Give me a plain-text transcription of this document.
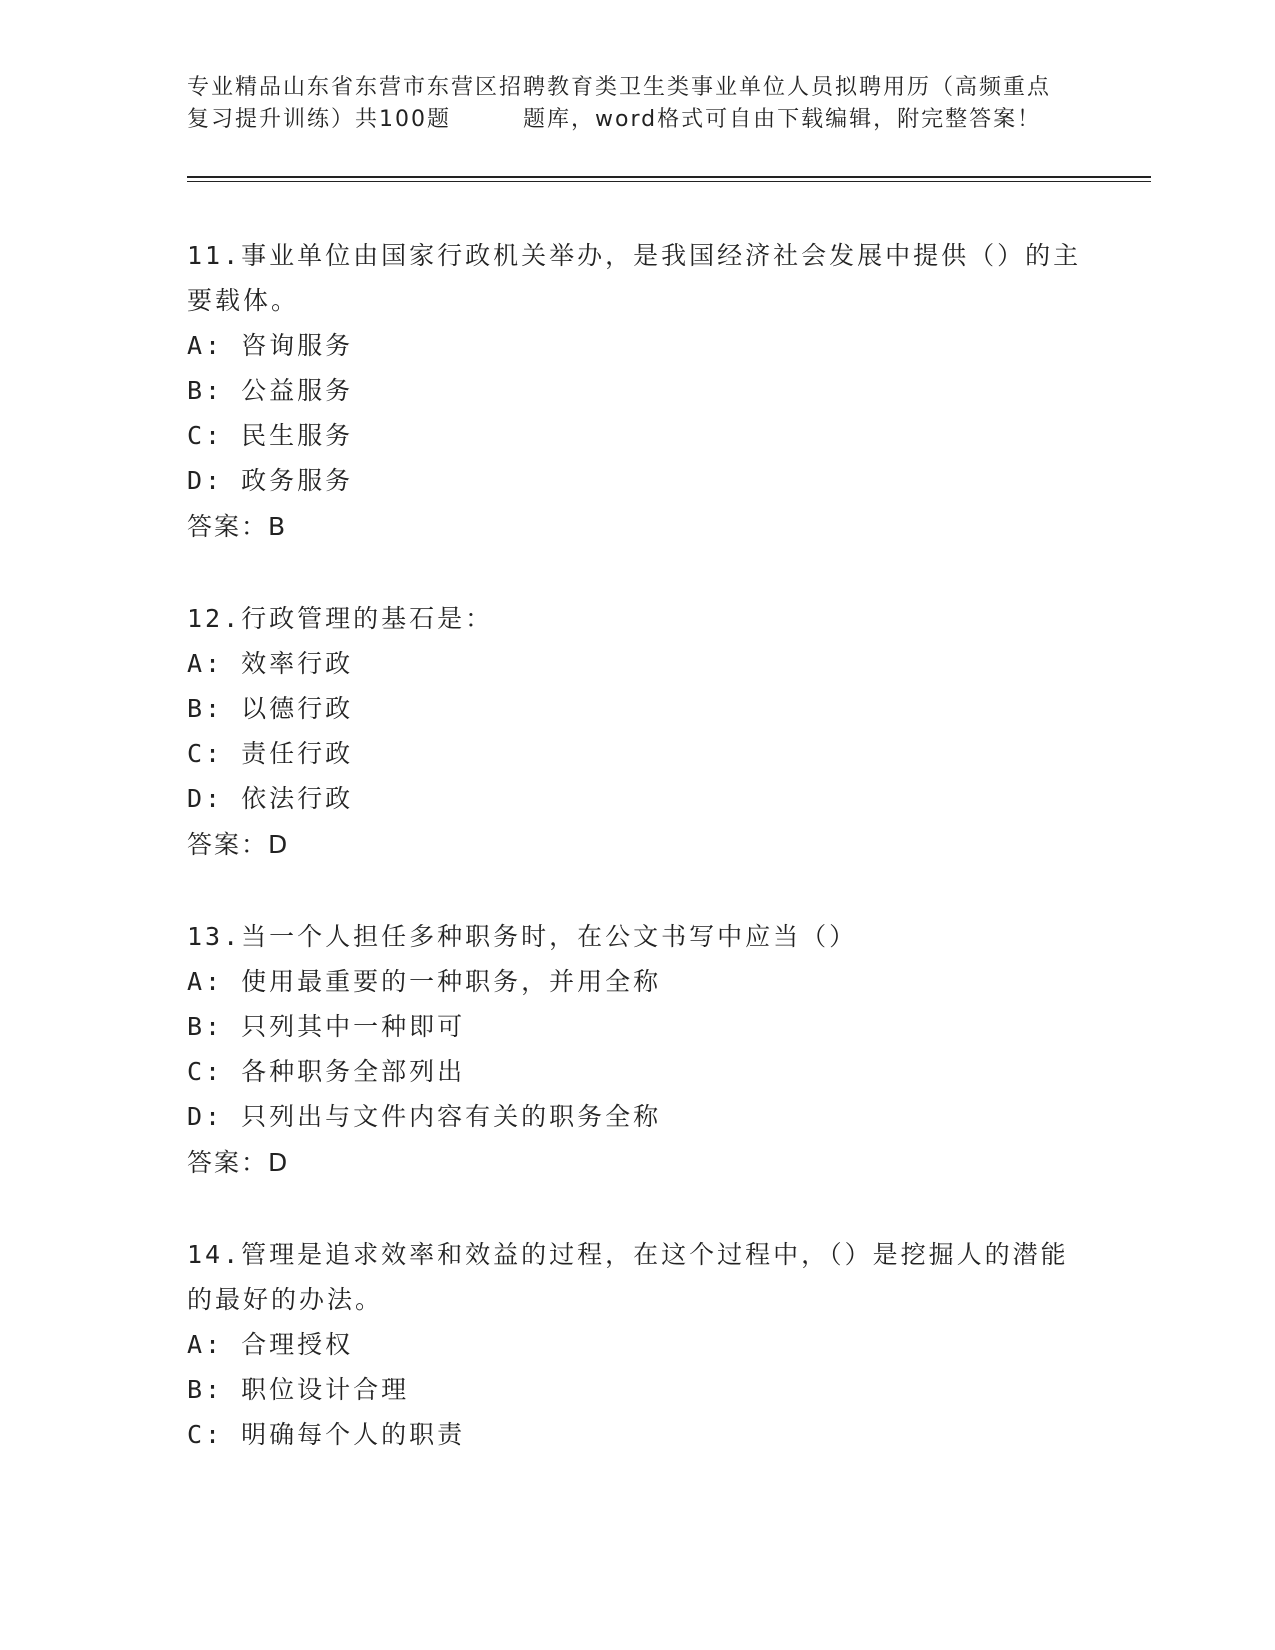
专业精品山东省东营市东营区招聘教育类卫生类事业单位人员拟聘用历（高频重点
复习提升训练）共100题	题库，word格式可自由下载编辑，附完整答案！

11.事业单位由国家行政机关举办，是我国经济社会发展中提供（）的主要载体。

A: 咨询服务

B: 公益服务

C: 民生服务

D: 政务服务

答案：B

12.行政管理的基石是：

A: 效率行政

B: 以德行政

C: 责任行政

D: 依法行政

答案：D

13.当一个人担任多种职务时，在公文书写中应当（）

A: 使用最重要的一种职务，并用全称

B: 只列其中一种即可

C: 各种职务全部列出

D: 只列出与文件内容有关的职务全称

答案：D

14.管理是追求效率和效益的过程，在这个过程中，（）是挖掘人的潜能的最好的办法。

A: 合理授权

B: 职位设计合理

C: 明确每个人的职责
